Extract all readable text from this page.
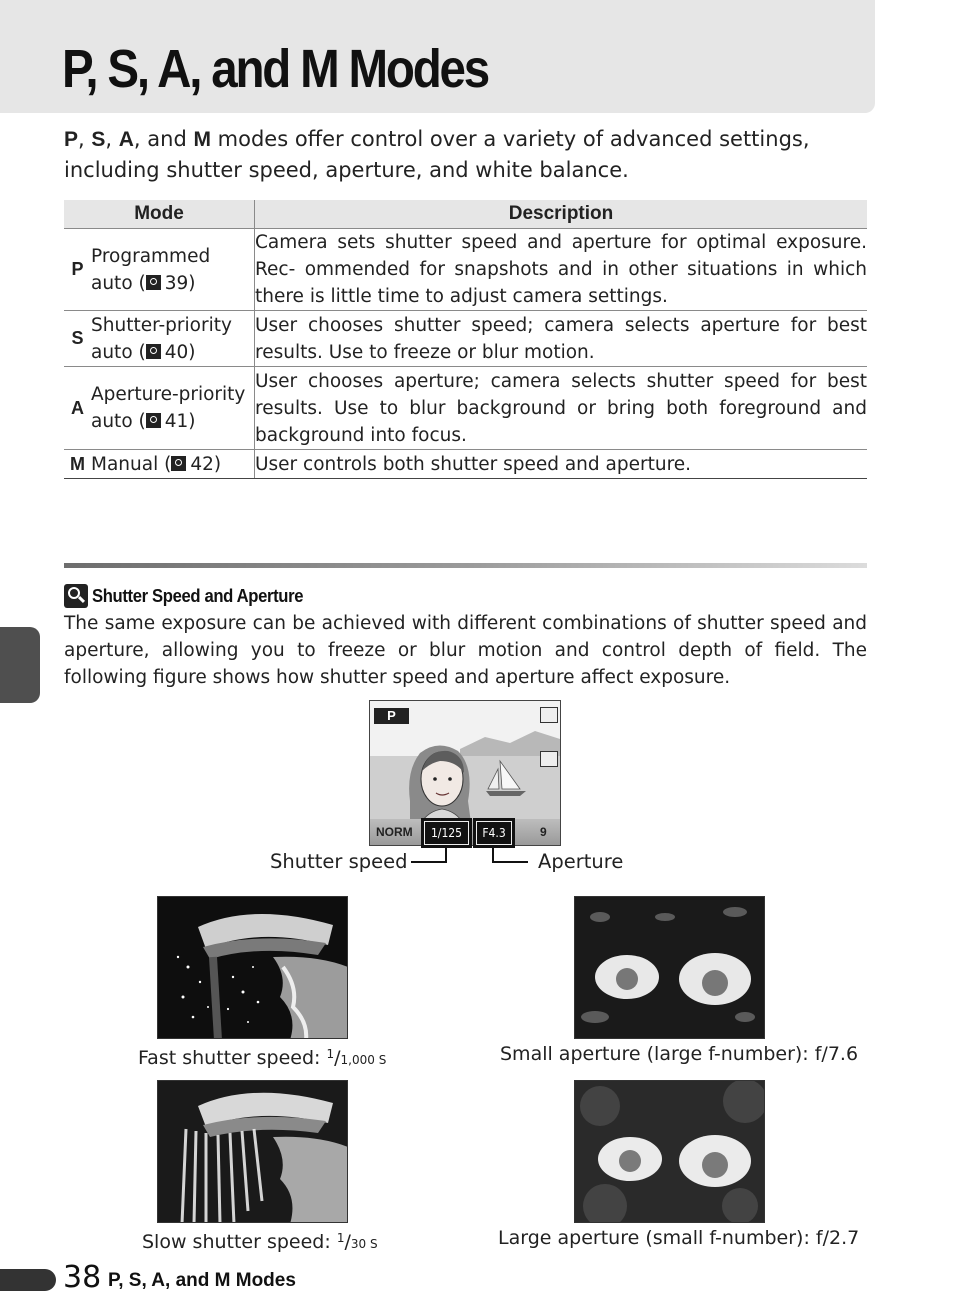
P, S, A, and M Modes

P, S, A, and M modes offer control over a variety of advanced settings, including shutter speed, aperture, and white balance.

Mode	Description

P
Programmed
auto ( 39)	Camera sets shutter speed and aperture for optimal exposure. Rec- ommended for snapshots and in other situations in which there is little time to adjust camera settings.

S
Shutter-priority
auto ( 40)	User chooses shutter speed; camera selects aperture for best results. Use to freeze or blur motion.

A
Aperture-priority
auto ( 41)	User chooses aperture; camera selects shutter speed for best results. Use to blur background or bring both foreground and background into focus.

M Manual ( 42)	User controls both shutter speed and aperture.
Shutter Speed and Aperture

The same exposure can be achieved with different combinations of shutter speed and aperture, allowing you to freeze or blur motion and control depth of field. The following figure shows how shutter speed and aperture affect exposure.

P
NORM	9
1/125	F4.3
Shutter speed	Aperture
Fast shutter speed: $^1$/1,000 S	Small aperture (large f-number): f/7.6
Slow shutter speed: $^1$/30 S	Large aperture (small f-number): f/2.7
38 P, S, A, and M Modes
